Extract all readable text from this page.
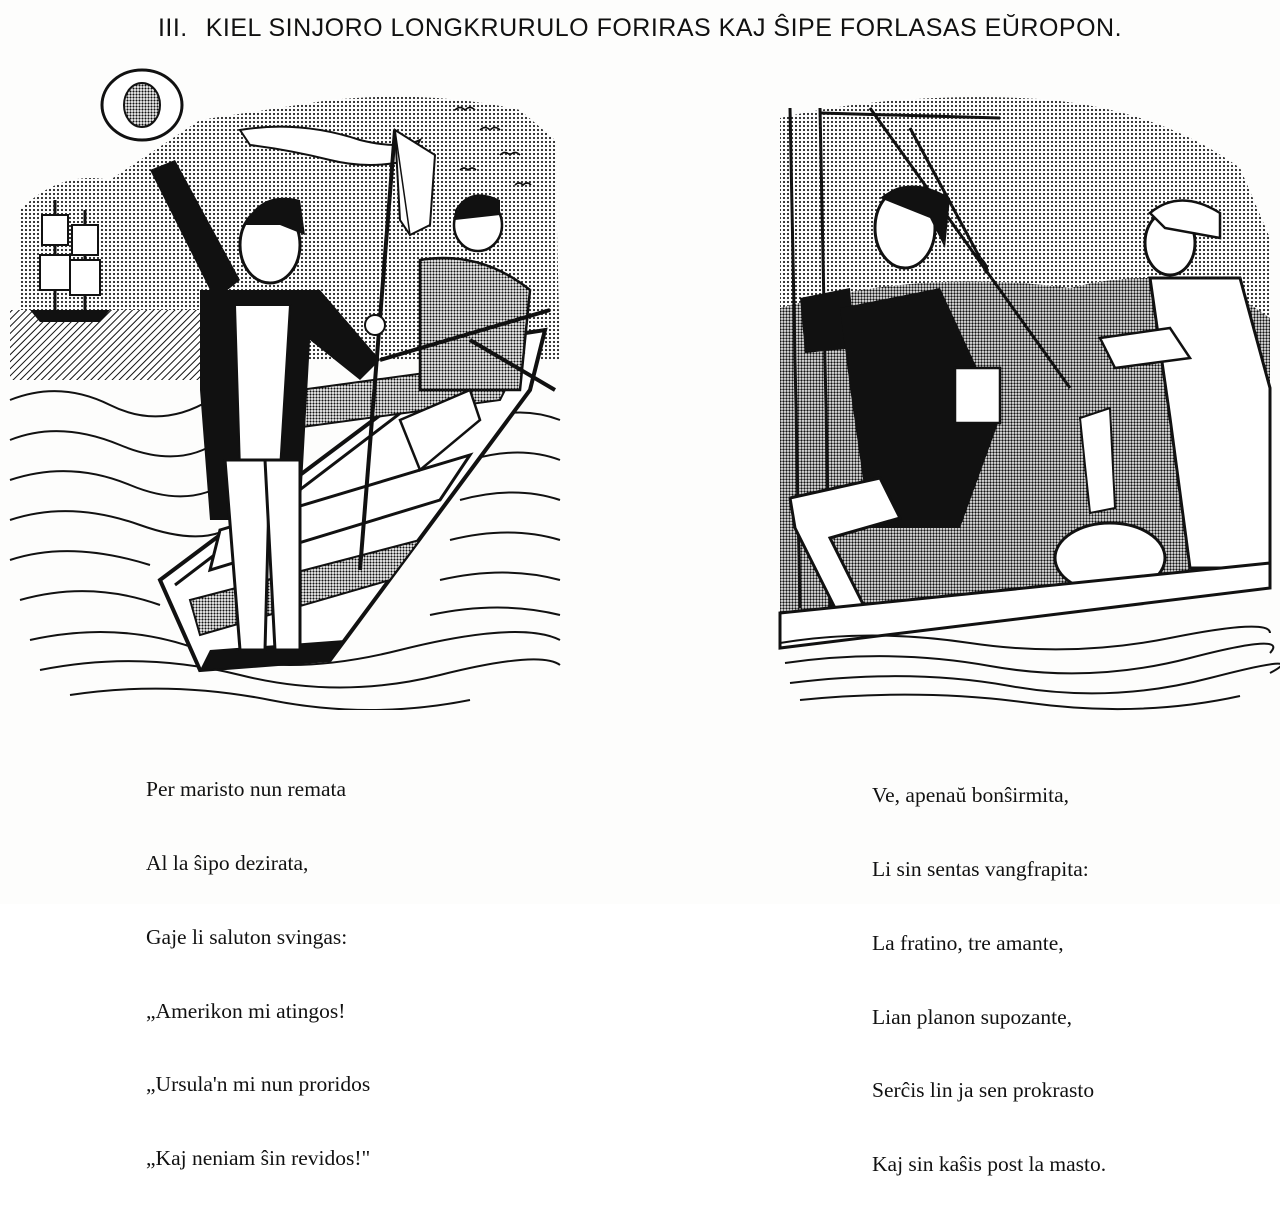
III. KIEL SINJORO LONGKRURULO FORIRAS KAJ ŜIPE FORLASAS EŬROPON.

Per maristo nun remata

Al la ŝipo dezirata,

Gaje li saluton svingas:

„Amerikon mi atingos!

„Ursula'n mi nun proridos

„Kaj neniam ŝin revidos!"

Ve, apenaŭ bonŝirmita,

Li sin sentas vangfrapita:

La fratino, tre amante,

Lian planon supozante,

Serĉis lin ja sen prokrasto

Kaj sin kaŝis post la masto.
